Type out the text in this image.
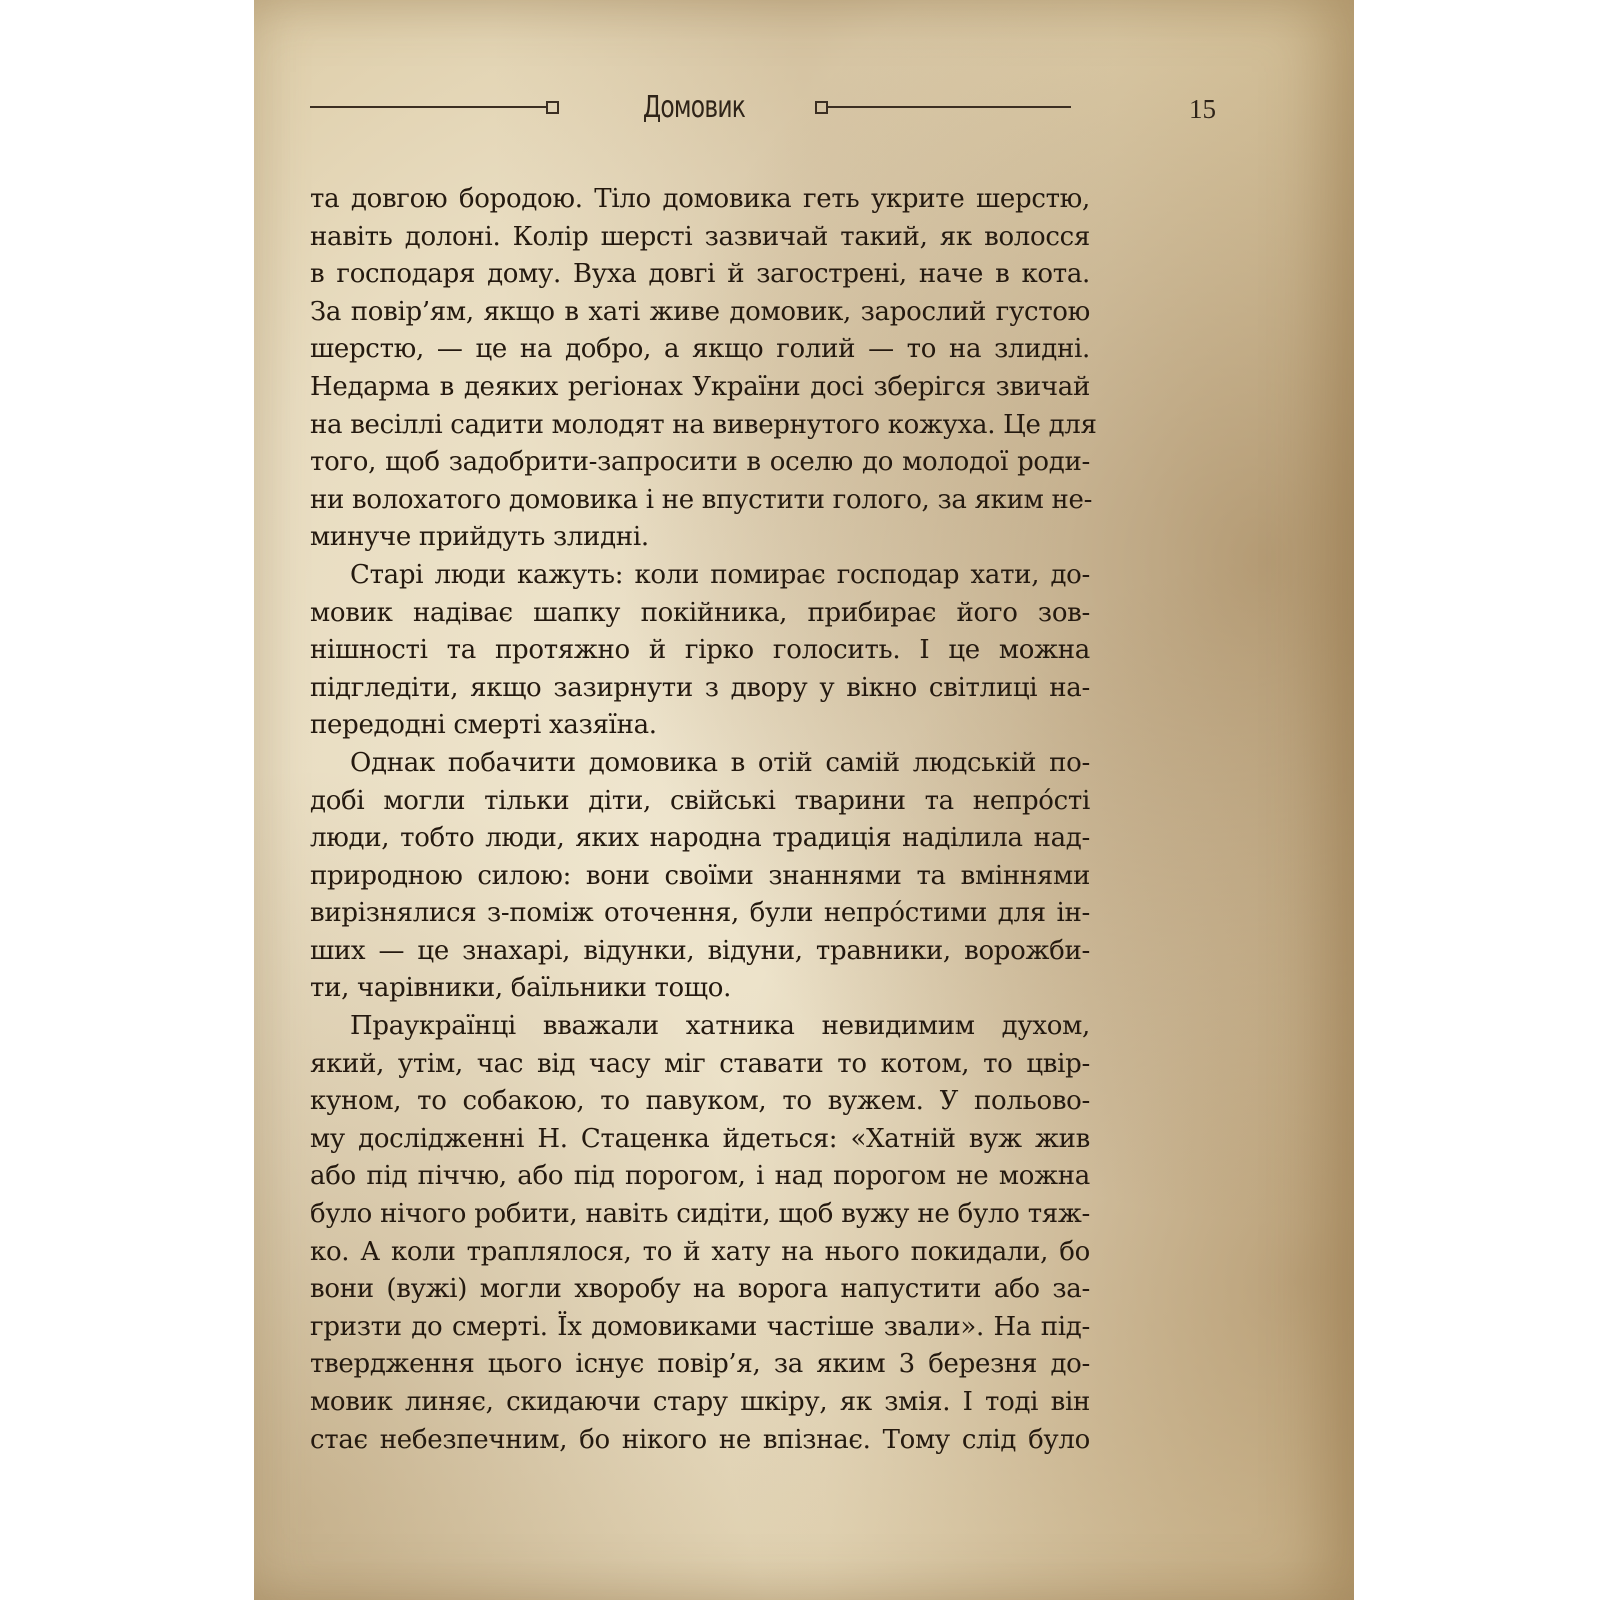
Домовик	15
та довгою бородою. Тіло домовика геть укрите шерстю,
навіть долоні. Колір шерсті зазвичай такий, як волосся
в господаря дому. Вуха довгі й загострені, наче в кота.
За повір’ям, якщо в хаті живе домовик, зарослий густою
шерстю, — це на добро, а якщо голий — то на злидні.
Недарма в деяких регіонах України досі зберігся звичай
на весіллі садити молодят на вивернутого кожуха. Це для
того, щоб задобрити-запросити в оселю до молодої роди-
ни волохатого домовика і не впустити голого, за яким не-
минуче прийдуть злидні.
Старі люди кажуть: коли помирає господар хати, до-
мовик надіває шапку покійника, прибирає його зов-
нішності та протяжно й гірко голосить. І це можна
підгледіти, якщо зазирнути з двору у вікно світлиці на-
передодні смерті хазяїна.
Однак побачити домовика в отій самій людській по-
добі могли тільки діти, свійські тварини та непрóсті
люди, тобто люди, яких народна традиція наділила над-
природною силою: вони своїми знаннями та вміннями
вирізнялися з-поміж оточення, були непрóстими для ін-
ших — це знахарі, відунки, відуни, травники, ворожби-
ти, чарівники, баїльники тощо.
Праукраїнці вважали хатника невидимим духом,
який, утім, час від часу міг ставати то котом, то цвір-
куном, то собакою, то павуком, то вужем. У польово-
му дослідженні Н. Стаценка йдеться: «Хатній вуж жив
або під піччю, або під порогом, і над порогом не можна
було нічого робити, навіть сидіти, щоб вужу не було тяж-
ко. А коли траплялося, то й хату на нього покидали, бо
вони (вужі) могли хворобу на ворога напустити або за-
гризти до смерті. Їх домовиками частіше звали». На під-
твердження цього існує повір’я, за яким 3 березня до-
мовик линяє, скидаючи стару шкіру, як змія. І тоді він
стає небезпечним, бо нікого не впізнає. Тому слід було
